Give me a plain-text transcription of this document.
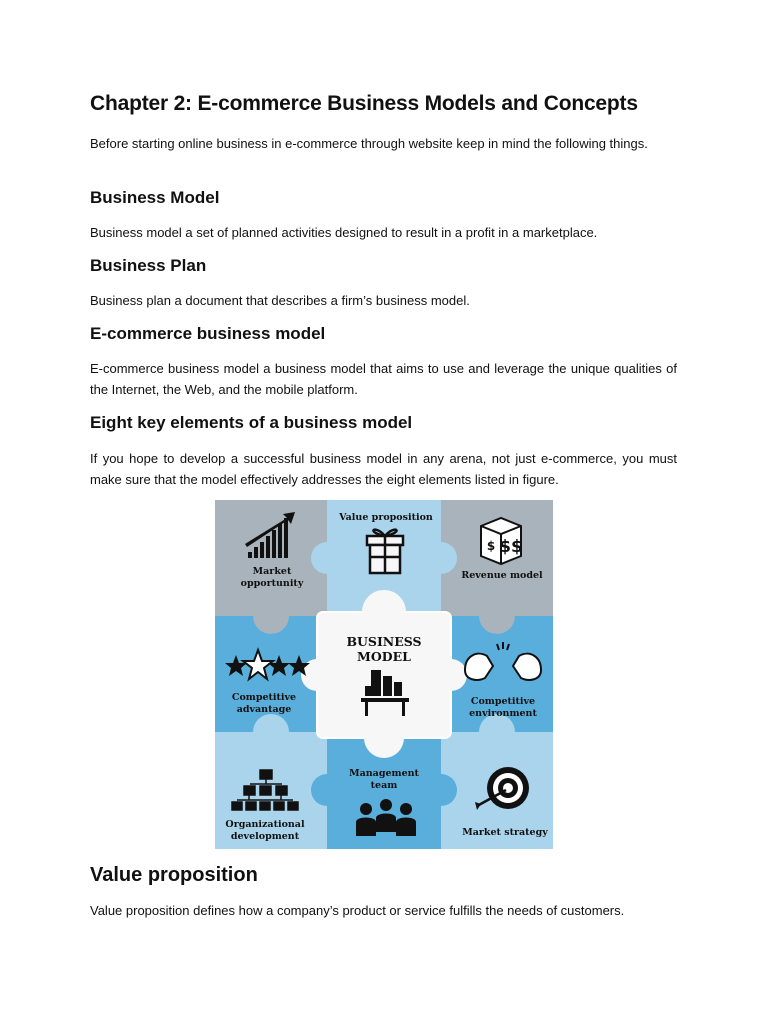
Chapter 2: E-commerce Business Models and Concepts

Before starting online business in e-commerce through website keep in mind the following things.

Business Model

Business model a set of planned activities designed to result in a profit in a marketplace.

Business Plan

Business plan a document that describes a firm’s business model.

E-commerce business model

E-commerce business model a business model that aims to use and leverage the unique qualities of the Internet, the Web, and the mobile platform.

Eight key elements of a business model

If you hope to develop a successful business model in any arena, not just e-commerce, you must make sure that the model effectively addresses the eight elements listed in figure.

Value proposition

Value proposition defines how a company’s product or service fulfills the needs of customers.

BUSINESS
MODEL
Market
opportunity
Value proposition
$$
$
Revenue model
Competitive
advantage
Competitive
environment
Organizational
development
Management
team
Market strategy
